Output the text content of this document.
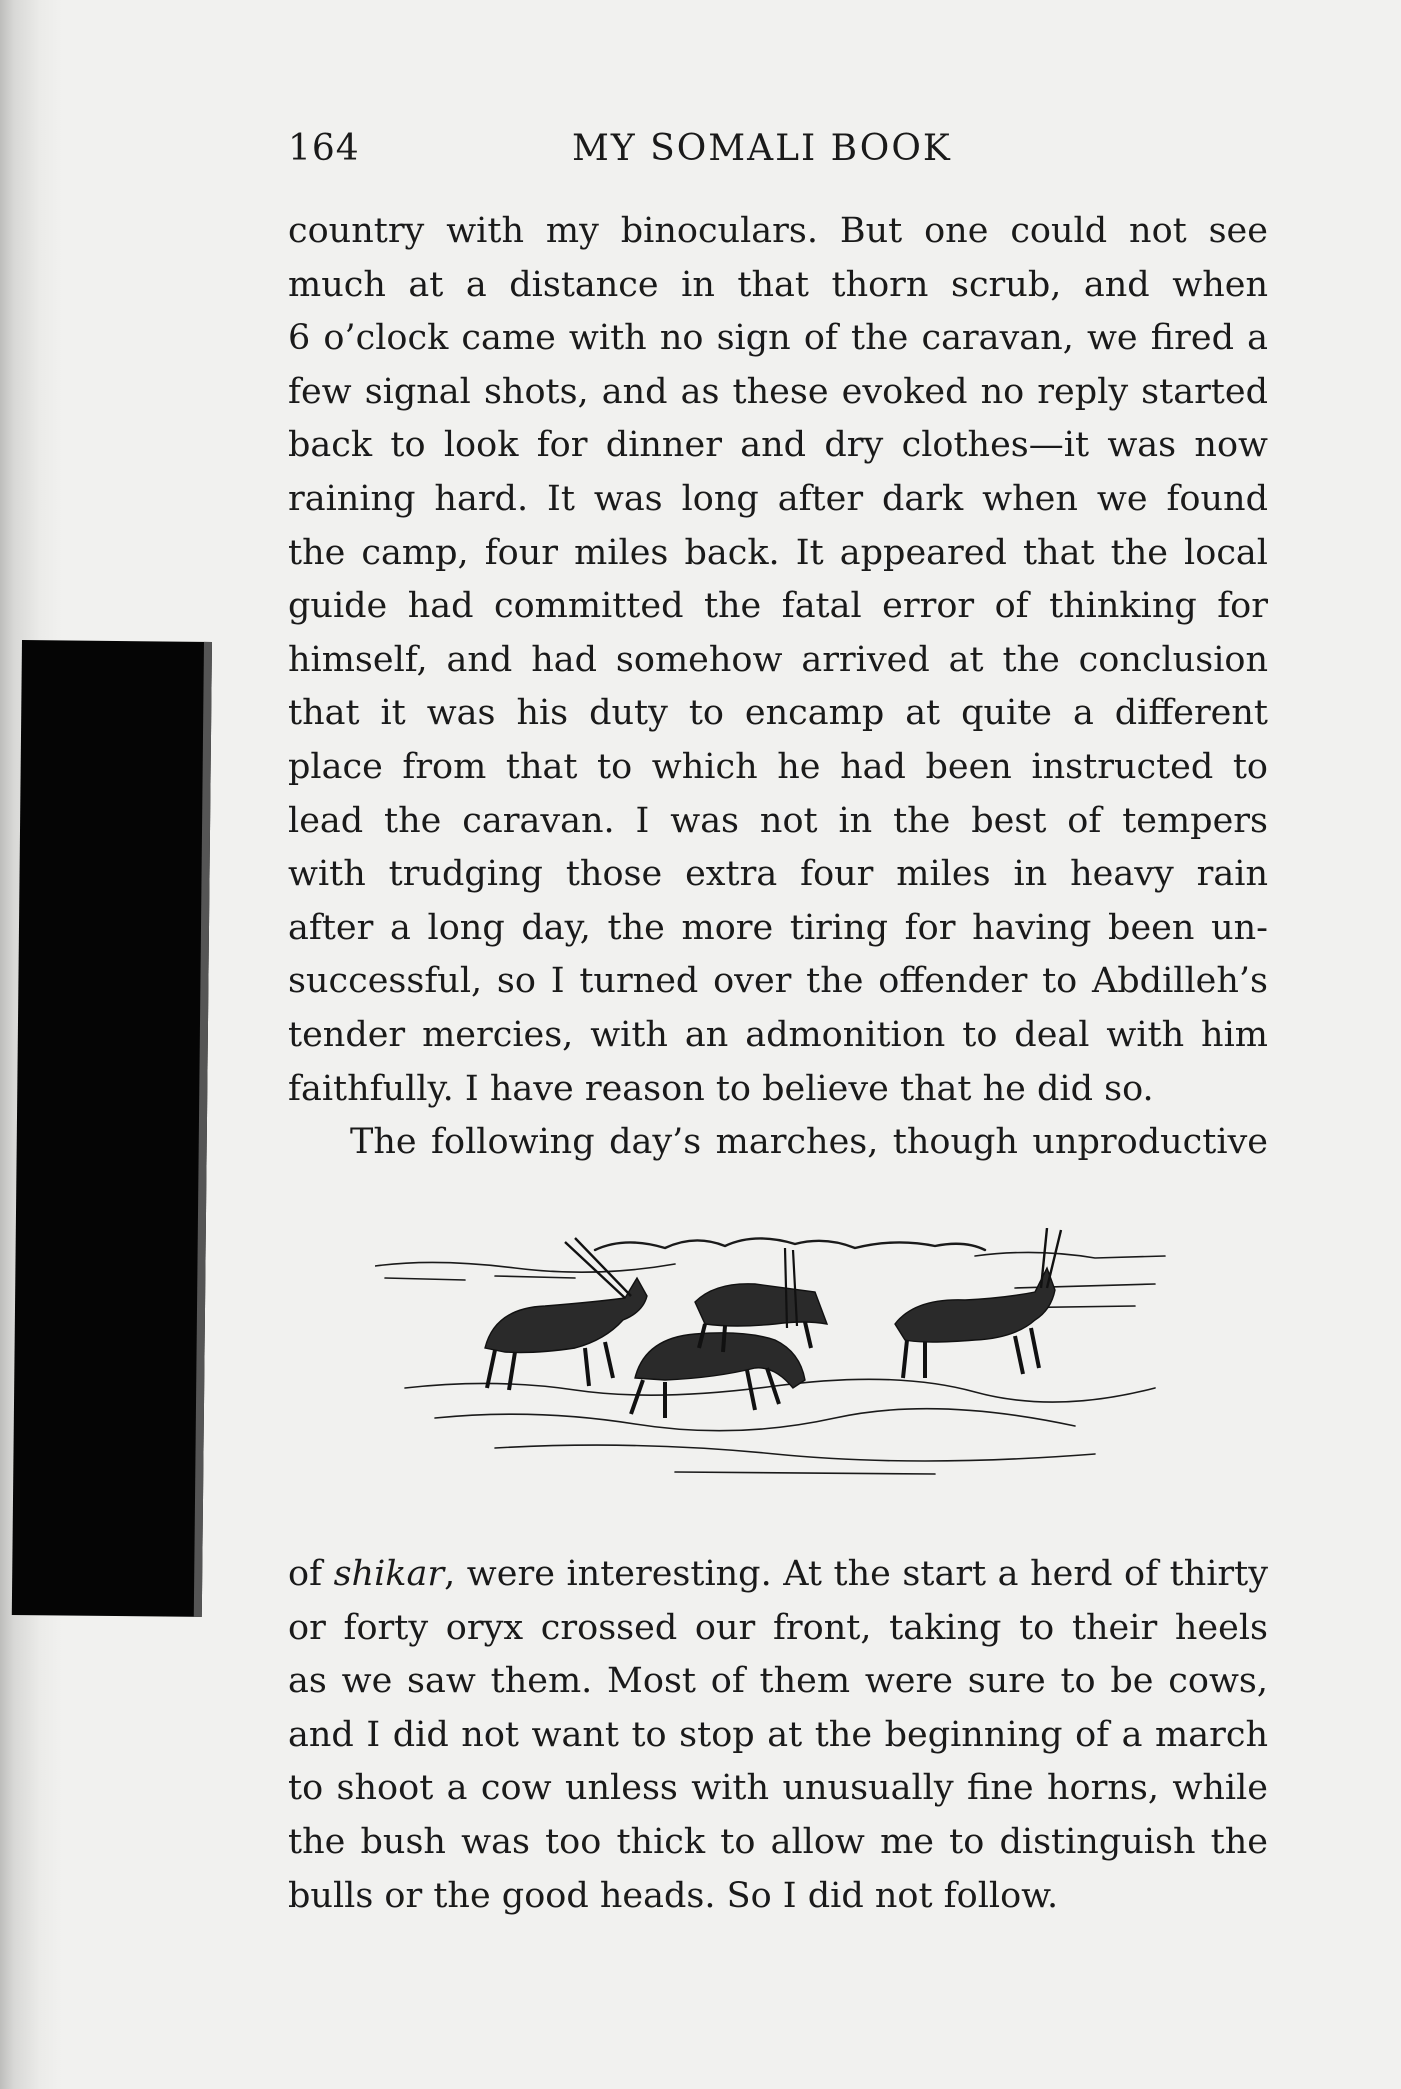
164	MY SOMALI BOOK

country with my binoculars. But one could not see
much at a distance in that thorn scrub, and when
6 o’clock came with no sign of the caravan, we fired a
few signal shots, and as these evoked no reply started
back to look for dinner and dry clothes—it was now
raining hard. It was long after dark when we found
the camp, four miles back. It appeared that the local
guide had committed the fatal error of thinking for
himself, and had somehow arrived at the conclusion
that it was his duty to encamp at quite a different
place from that to which he had been instructed to
lead the caravan. I was not in the best of tempers
with trudging those extra four miles in heavy rain
after a long day, the more tiring for having been un-
successful, so I turned over the offender to Abdilleh’s
tender mercies, with an admonition to deal with him
faithfully. I have reason to believe that he did so.

The following day’s marches, though unproductive

of shikar, were interesting. At the start a herd of thirty
or forty oryx crossed our front, taking to their heels
as we saw them. Most of them were sure to be cows,
and I did not want to stop at the beginning of a march
to shoot a cow unless with unusually fine horns, while
the bush was too thick to allow me to distinguish the
bulls or the good heads. So I did not follow.
